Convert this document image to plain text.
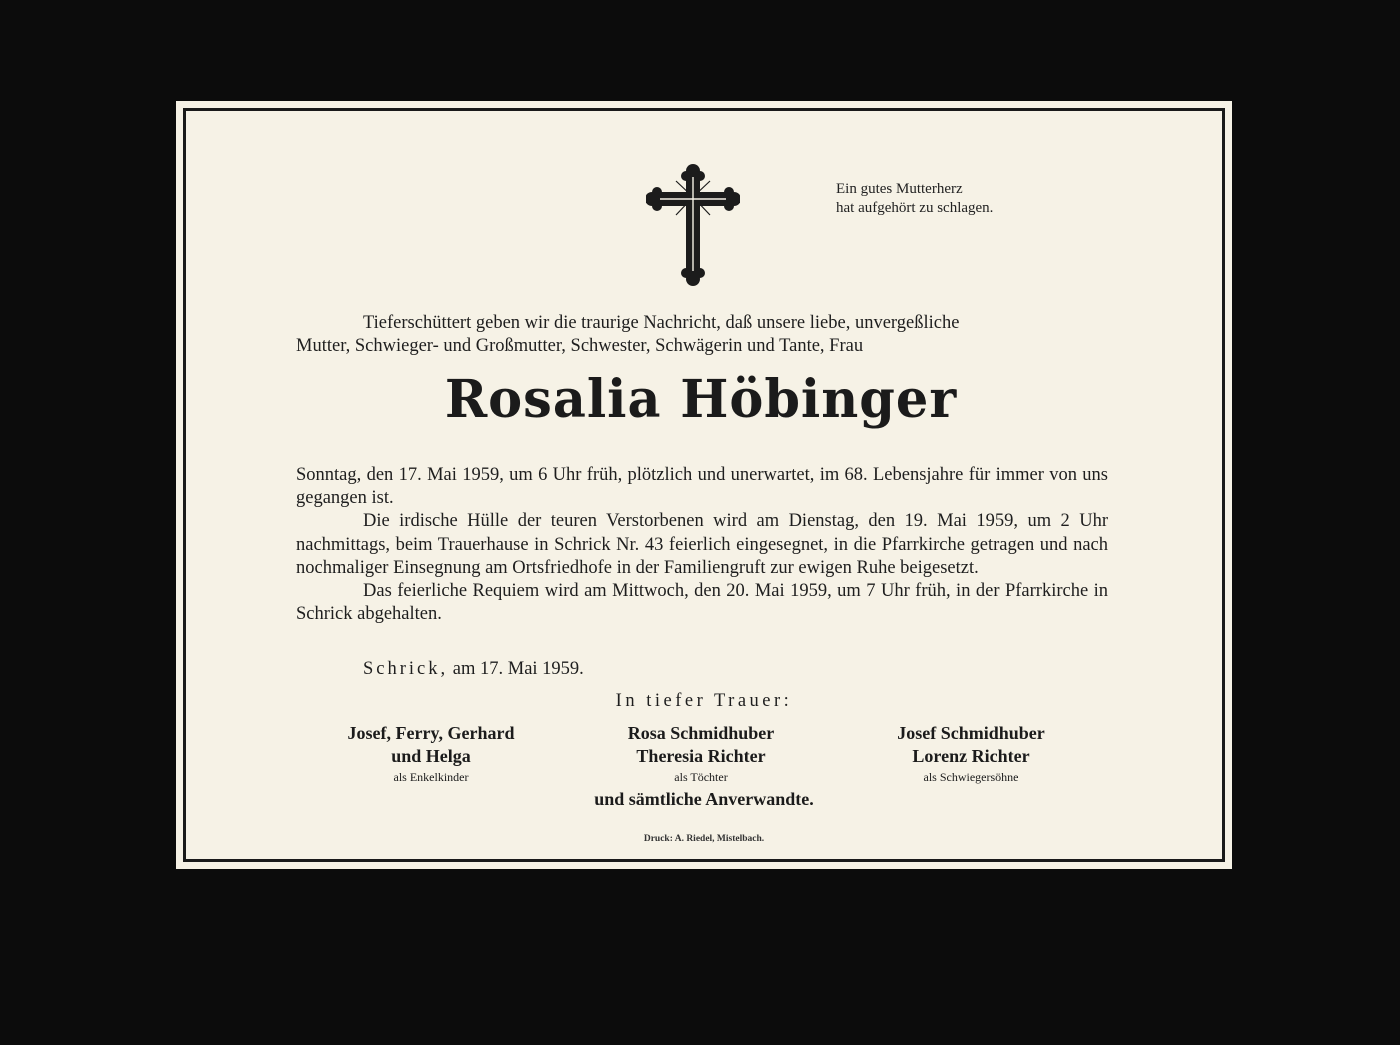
Ein gutes Mutterherz
hat aufgehört zu schlagen.
Tieferschüttert geben wir die traurige Nachricht, daß unsere liebe, unvergeßliche
Mutter, Schwieger- und Großmutter, Schwester, Schwägerin und Tante, Frau
Rosalia Höbinger

Sonntag, den 17. Mai 1959, um 6 Uhr früh, plötzlich und unerwartet, im 68. Lebensjahre für immer von uns gegangen ist.

Die irdische Hülle der teuren Verstorbenen wird am Dienstag, den 19. Mai 1959, um 2 Uhr nachmittags, beim Trauerhause in Schrick Nr. 43 feierlich eingesegnet, in die Pfarrkirche getragen und nach nochmaliger Einsegnung am Ortsfriedhofe in der Familiengruft zur ewigen Ruhe beigesetzt.

Das feierliche Requiem wird am Mittwoch, den 20. Mai 1959, um 7 Uhr früh, in der Pfarrkirche in Schrick abgehalten.

Schrick, am 17. Mai 1959.
In tiefer Trauer:
Josef, Ferry, Gerhard
und Helga
als Enkelkinder
Rosa Schmidhuber
Theresia Richter
als Töchter
Josef Schmidhuber
Lorenz Richter
als Schwiegersöhne
und sämtliche Anverwandte.
Druck: A. Riedel, Mistelbach.
